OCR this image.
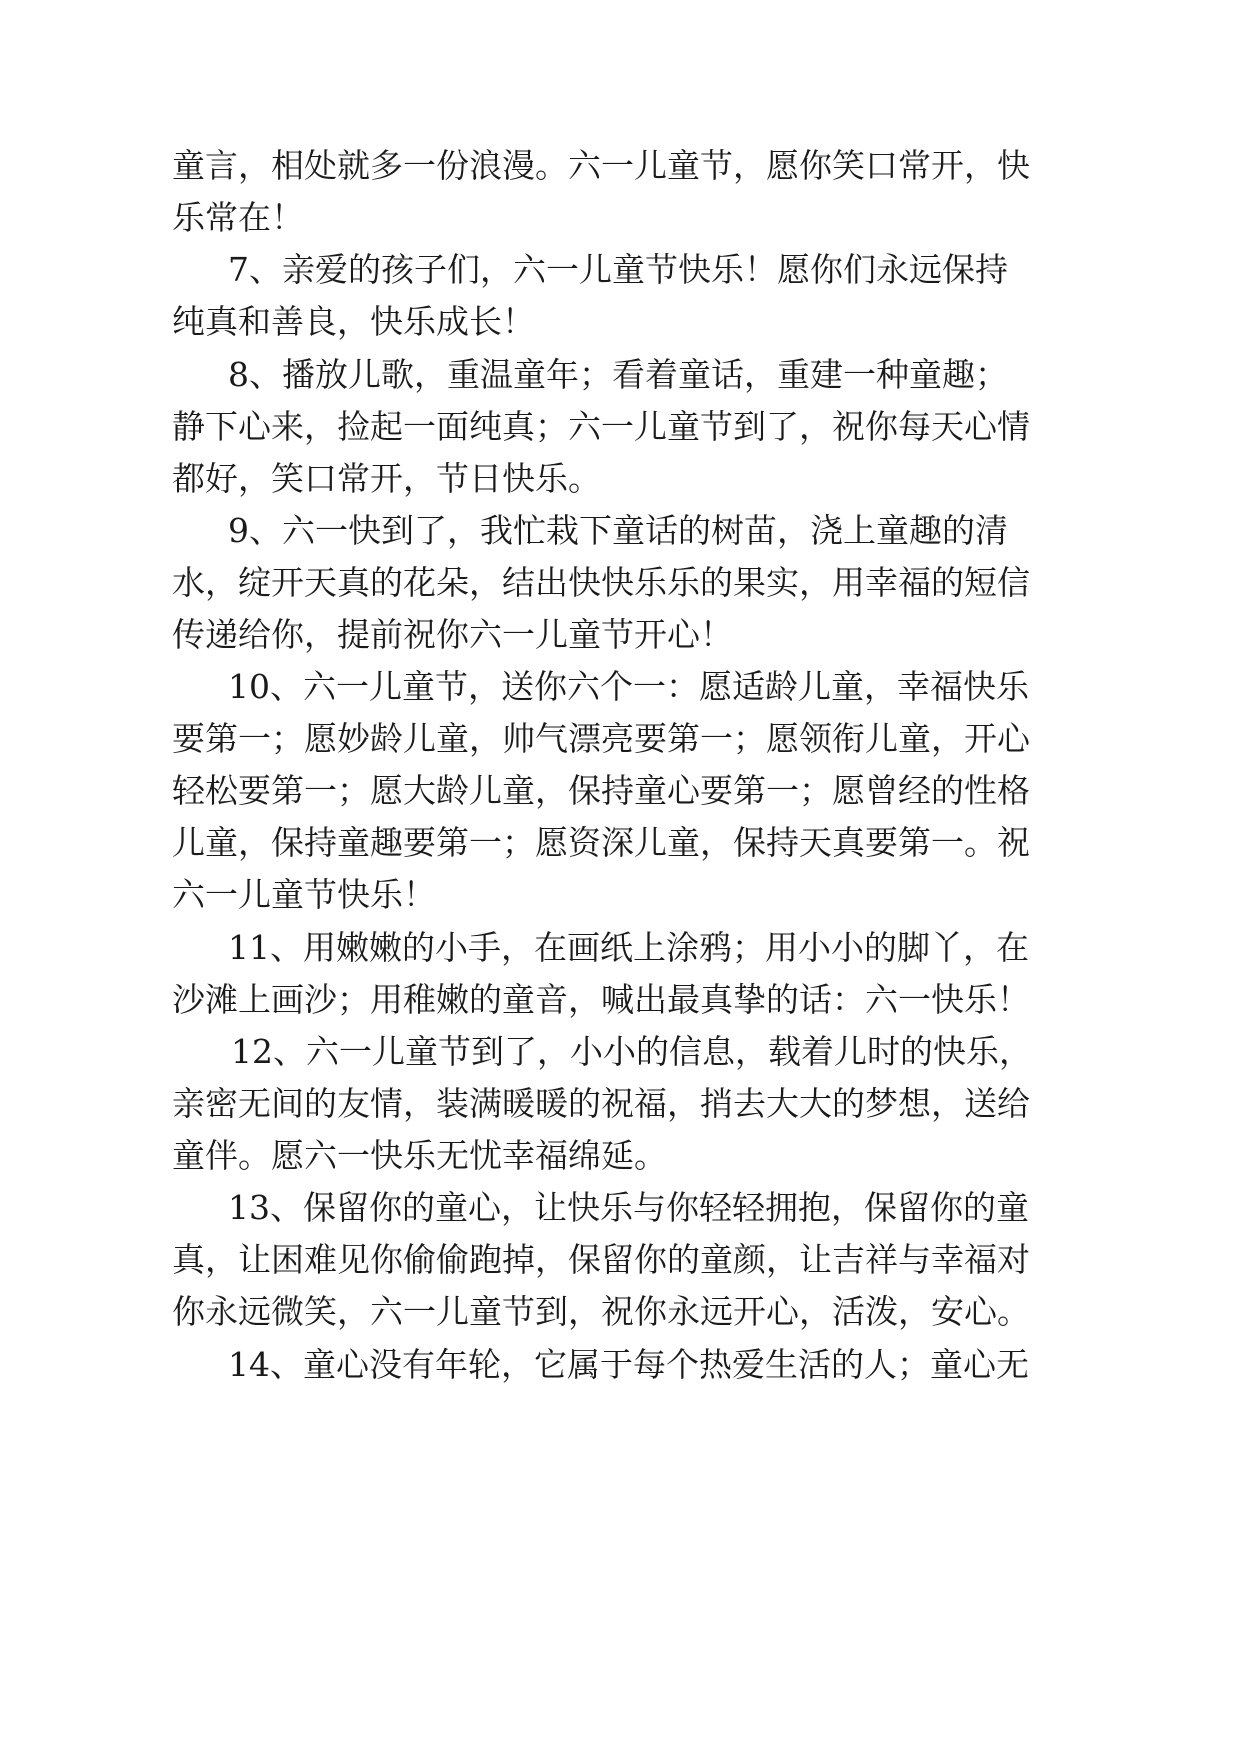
童言，相处就多一份浪漫。六一儿童节，愿你笑口常开，快

乐常在！

7、亲爱的孩子们，六一儿童节快乐！愿你们永远保持

纯真和善良，快乐成长！

8、播放儿歌，重温童年；看着童话，重建一种童趣；

静下心来，捡起一面纯真；六一儿童节到了，祝你每天心情

都好，笑口常开，节日快乐。

9、六一快到了，我忙栽下童话的树苗，浇上童趣的清

水，绽开天真的花朵，结出快快乐乐的果实，用幸福的短信

传递给你，提前祝你六一儿童节开心！

10、六一儿童节，送你六个一：愿适龄儿童，幸福快乐

要第一；愿妙龄儿童，帅气漂亮要第一；愿领衔儿童，开心

轻松要第一；愿大龄儿童，保持童心要第一；愿曾经的性格

儿童，保持童趣要第一；愿资深儿童，保持天真要第一。祝

六一儿童节快乐！

11、用嫩嫩的小手，在画纸上涂鸦；用小小的脚丫，在

沙滩上画沙；用稚嫩的童音，喊出最真挚的话：六一快乐！

12、六一儿童节到了，小小的信息，载着儿时的快乐，

亲密无间的友情，装满暖暖的祝福，捎去大大的梦想，送给

童伴。愿六一快乐无忧幸福绵延。

13、保留你的童心，让快乐与你轻轻拥抱，保留你的童

真，让困难见你偷偷跑掉，保留你的童颜，让吉祥与幸福对

你永远微笑，六一儿童节到，祝你永远开心，活泼，安心。

14、童心没有年轮，它属于每个热爱生活的人；童心无
